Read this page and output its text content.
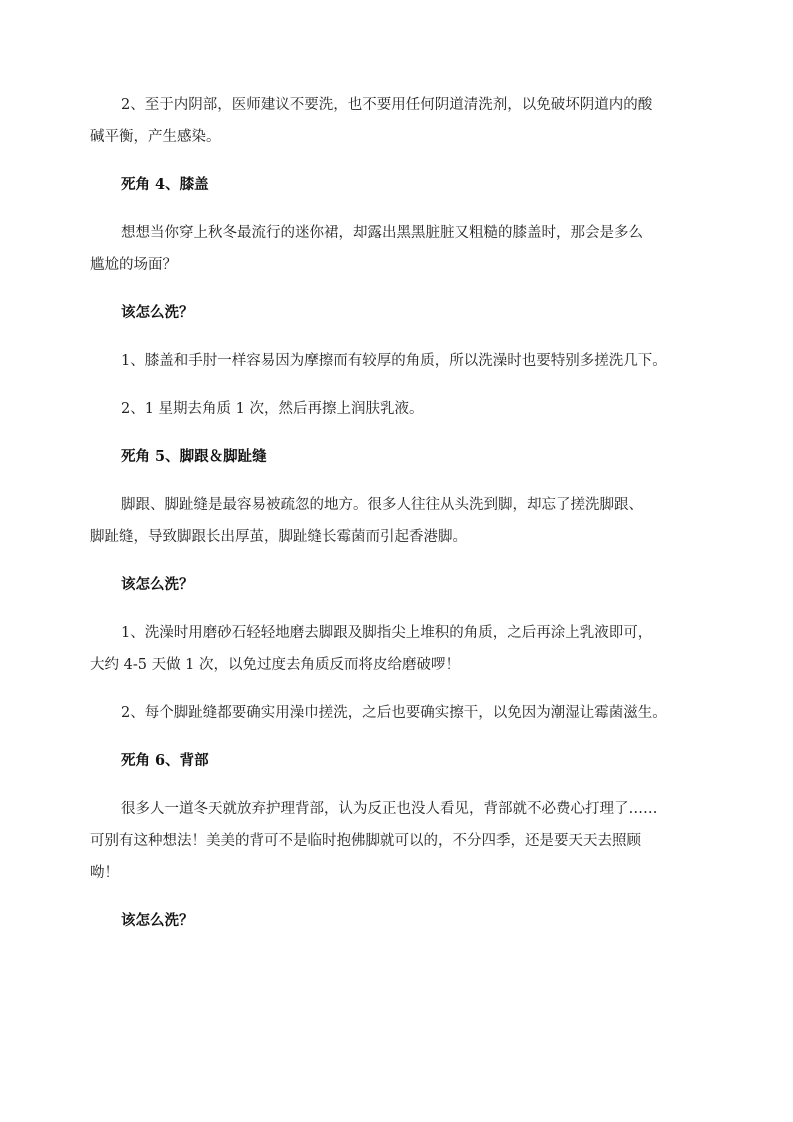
2、至于内阴部，医师建议不要洗，也不要用任何阴道清洗剂，以免破坏阴道内的酸
碱平衡，产生感染。
死角 4、膝盖
想想当你穿上秋冬最流行的迷你裙，却露出黑黑脏脏又粗糙的膝盖时，那会是多么
尴尬的场面？
该怎么洗？
1、膝盖和手肘一样容易因为摩擦而有较厚的角质，所以洗澡时也要特别多搓洗几下。
2、1 星期去角质 1 次，然后再擦上润肤乳液。
死角 5、脚跟＆脚趾缝
脚跟、脚趾缝是最容易被疏忽的地方。很多人往往从头洗到脚，却忘了搓洗脚跟、
脚趾缝，导致脚跟长出厚茧，脚趾缝长霉菌而引起香港脚。
该怎么洗？
1、洗澡时用磨砂石轻轻地磨去脚跟及脚指尖上堆积的角质，之后再涂上乳液即可，
大约 4-5 天做 1 次，以免过度去角质反而将皮给磨破啰！
2、每个脚趾缝都要确实用澡巾搓洗，之后也要确实擦干，以免因为潮湿让霉菌滋生。
死角 6、背部
很多人一道冬天就放弃护理背部，认为反正也没人看见，背部就不必费心打理了……
可别有这种想法！美美的背可不是临时抱佛脚就可以的，不分四季，还是要天天去照顾
呦！
该怎么洗？
